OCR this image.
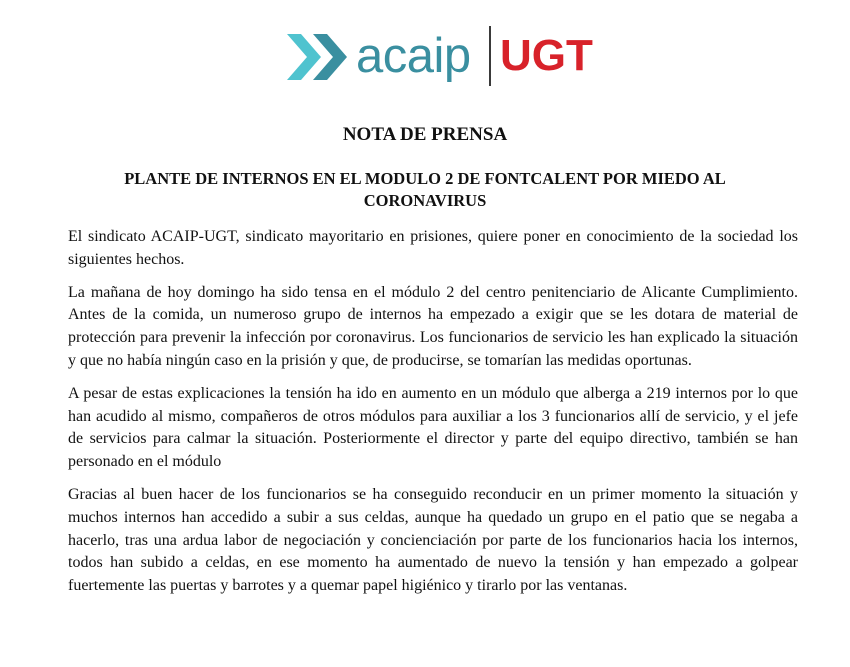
acaip UGT
NOTA DE PRENSA
PLANTE DE INTERNOS EN EL MODULO 2 DE FONTCALENT POR MIEDO AL CORONAVIRUS

El sindicato ACAIP-UGT, sindicato mayoritario en prisiones, quiere poner en conocimiento de la sociedad los siguientes hechos.

La mañana de hoy domingo ha sido tensa en el módulo 2 del centro penitenciario de Alicante Cumplimiento. Antes de la comida, un numeroso grupo de internos ha empezado a exigir que se les dotara de material de protección para prevenir la infección por coronavirus. Los funcionarios de servicio les han explicado la situación y que no había ningún caso en la prisión y que, de producirse, se tomarían las medidas oportunas.

A pesar de estas explicaciones la tensión ha ido en aumento en un módulo que alberga a 219 internos por lo que han acudido al mismo, compañeros de otros módulos para auxiliar a los 3 funcionarios allí de servicio, y el jefe de servicios para calmar la situación. Posteriormente el director y parte del equipo directivo, también se han personado en el módulo

Gracias al buen hacer de los funcionarios se ha conseguido reconducir en un primer momento la situación y muchos internos han accedido a subir a sus celdas, aunque ha quedado un grupo en el patio que se negaba a hacerlo, tras una ardua labor de negociación y concienciación por parte de los funcionarios hacia los internos, todos han subido a celdas, en ese momento ha aumentado de nuevo la tensión y han empezado a golpear fuertemente las puertas y barrotes y a quemar papel higiénico y tirarlo por las ventanas.
